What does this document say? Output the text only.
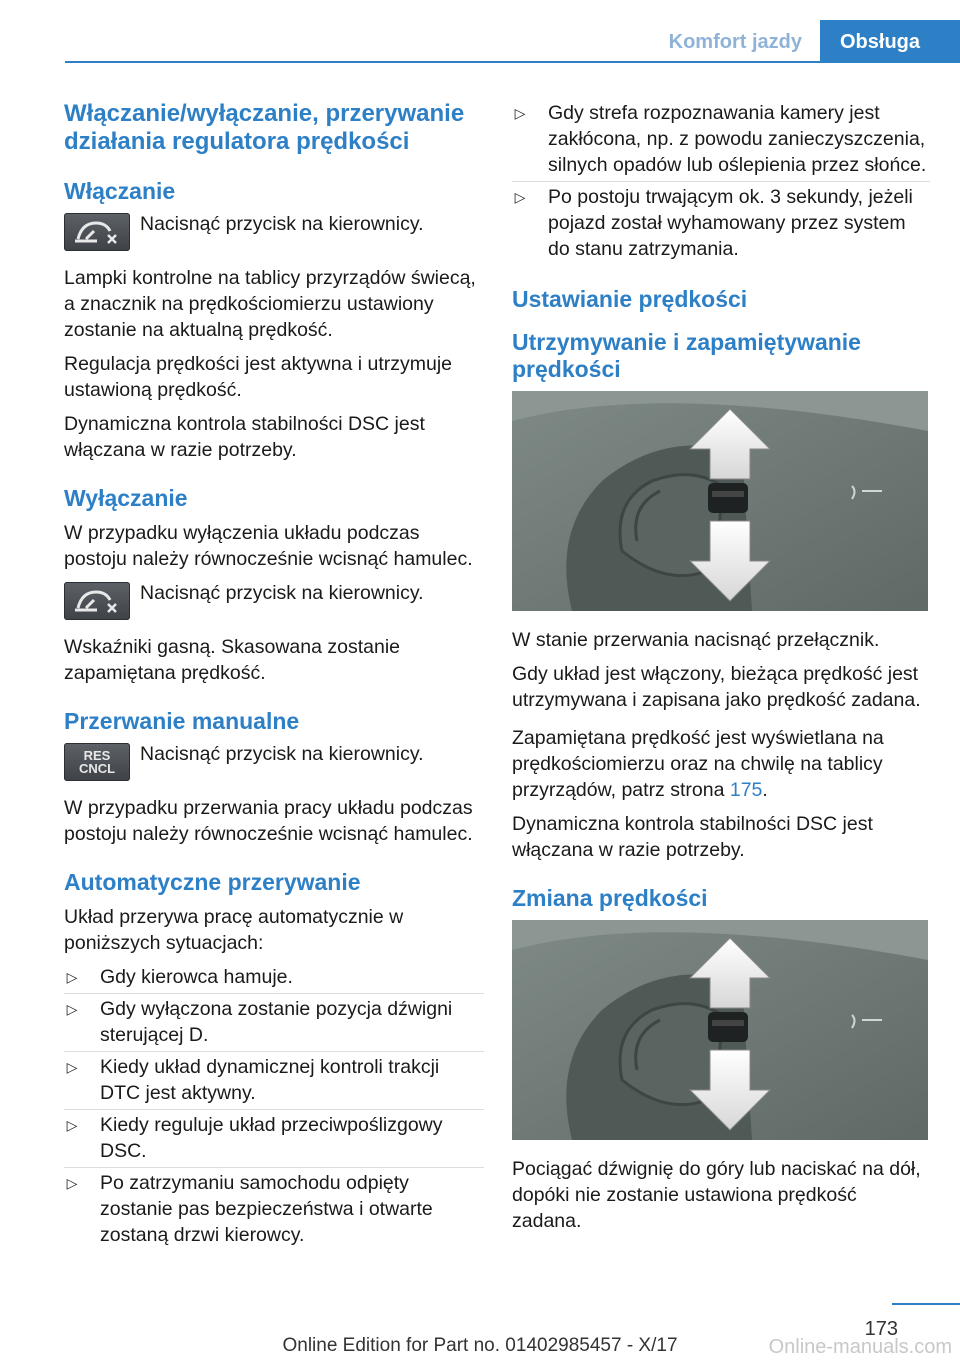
Komfort jazdy	Obsługa
Włączanie/wyłączanie, przerywanie działania regulatora prędkości
Włączanie

Nacisnąć przycisk na kierownicy.

Lampki kontrolne na tablicy przyrządów świecą, a znacznik na prędkościomierzu ustawiony zostanie na aktualną prędkość.

Regulacja prędkości jest aktywna i utrzymuje ustawioną prędkość.

Dynamiczna kontrola stabilności DSC jest włączana w razie potrzeby.

Wyłączanie

W przypadku wyłączenia układu podczas postoju należy równocześnie wcisnąć hamulec.

Nacisnąć przycisk na kierownicy.

Wskaźniki gasną. Skasowana zostanie zapamiętana prędkość.

Przerwanie manualne
RES
CNCL

Nacisnąć przycisk na kierownicy.

W przypadku przerwania pracy układu podczas postoju należy równocześnie wcisnąć hamulec.

Automatyczne przerywanie

Układ przerywa pracę automatycznie w poniższych sytuacjach:

▷ Gdy kierowca hamuje.
▷ Gdy wyłączona zostanie pozycja dźwigni sterującej D.
▷ Kiedy układ dynamicznej kontroli trakcji DTC jest aktywny.
▷ Kiedy reguluje układ przeciwpoślizgowy DSC.
▷ Po zatrzymaniu samochodu odpięty zostanie pas bezpieczeństwa i otwarte zostaną drzwi kierowcy.
▷ Gdy strefa rozpoznawania kamery jest zakłócona, np. z powodu zanieczyszczenia, silnych opadów lub oślepienia przez słońce.
▷ Po postoju trwającym ok. 3 sekundy, jeżeli pojazd został wyhamowany przez system do stanu zatrzymania.
Ustawianie prędkości
Utrzymywanie i zapamiętywanie prędkości

W stanie przerwania nacisnąć przełącznik.

Gdy układ jest włączony, bieżąca prędkość jest utrzymywana i zapisana jako prędkość zadana.

Zapamiętana prędkość jest wyświetlana na prędkościomierzu oraz na chwilę na tablicy przyrządów, patrz strona 175.

Dynamiczna kontrola stabilności DSC jest włączana w razie potrzeby.

Zmiana prędkości

Pociągać dźwignię do góry lub naciskać na dół, dopóki nie zostanie ustawiona prędkość zadana.

173
Online Edition for Part no. 01402985457 - X/17	Online-manuals.com
